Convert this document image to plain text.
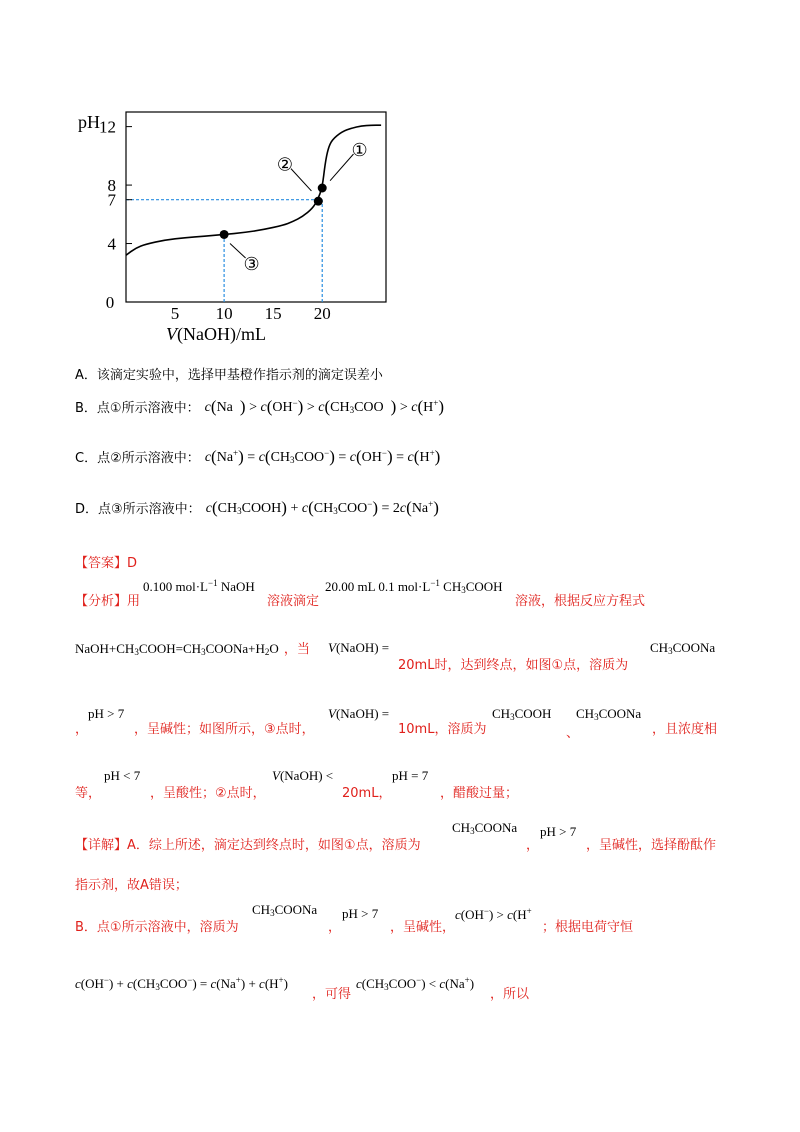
5 10 15 20
0
4
7
8
12
pH
V(NaOH)/mL
①
②
③
A．该滴定实验中，选择甲基橙作指示剂的滴定误差小
B．点①所示溶液中： c(Na  ) > $c(OH^-) > c(CH_3COO$  ) > c(H+)
C．点②所示溶液中： $c(Na^+) = c(CH_3COO^-) = c(OH^-) = c(H^+)$
D．点③所示溶液中： $c(CH_3COOH) + c(CH_3COO^-) = 2c(Na^+)$
【答案】D
【分析】 用
0.100 $mol\cdot L^{-1}$ NaOH
溶液滴定
20.00 mL 0.1 $mol\cdot L^{-1}$ $CH_3COOH$
溶液，根据反应方程式
$NaOH+CH_3COOH=CH_3COONa+H_2O$ ，当 V(NaOH) =
20mL时，达到终点，如图①点，溶质为
$CH_3COONa$
，
pH > 7
，呈碱性；如图所示，③点时，
V(NaOH) =
10mL，溶质为
$CH_3COOH$
、
$CH_3COONa$
，且浓度相
等，
pH < 7
，呈酸性；②点时，
V(NaOH) <
20mL，
pH = 7
，醋酸过量；
【详解】A．综上所述，滴定达到终点时，如图①点，溶质为
$CH_3COONa$
，
pH > 7
，呈碱性，选择酚酞作
指示剂，故A错误；
B．点①所示溶液中，溶质为
$CH_3COONa$
，
pH > 7
，呈碱性，
c(OH−) > c(H+
；根据电荷守恒
$c(OH^-) + c(CH_3COO^-) = c(Na^+) + c(H^+)$
，可得
$c(CH_3COO^-) < c(Na^+)$
，所以
